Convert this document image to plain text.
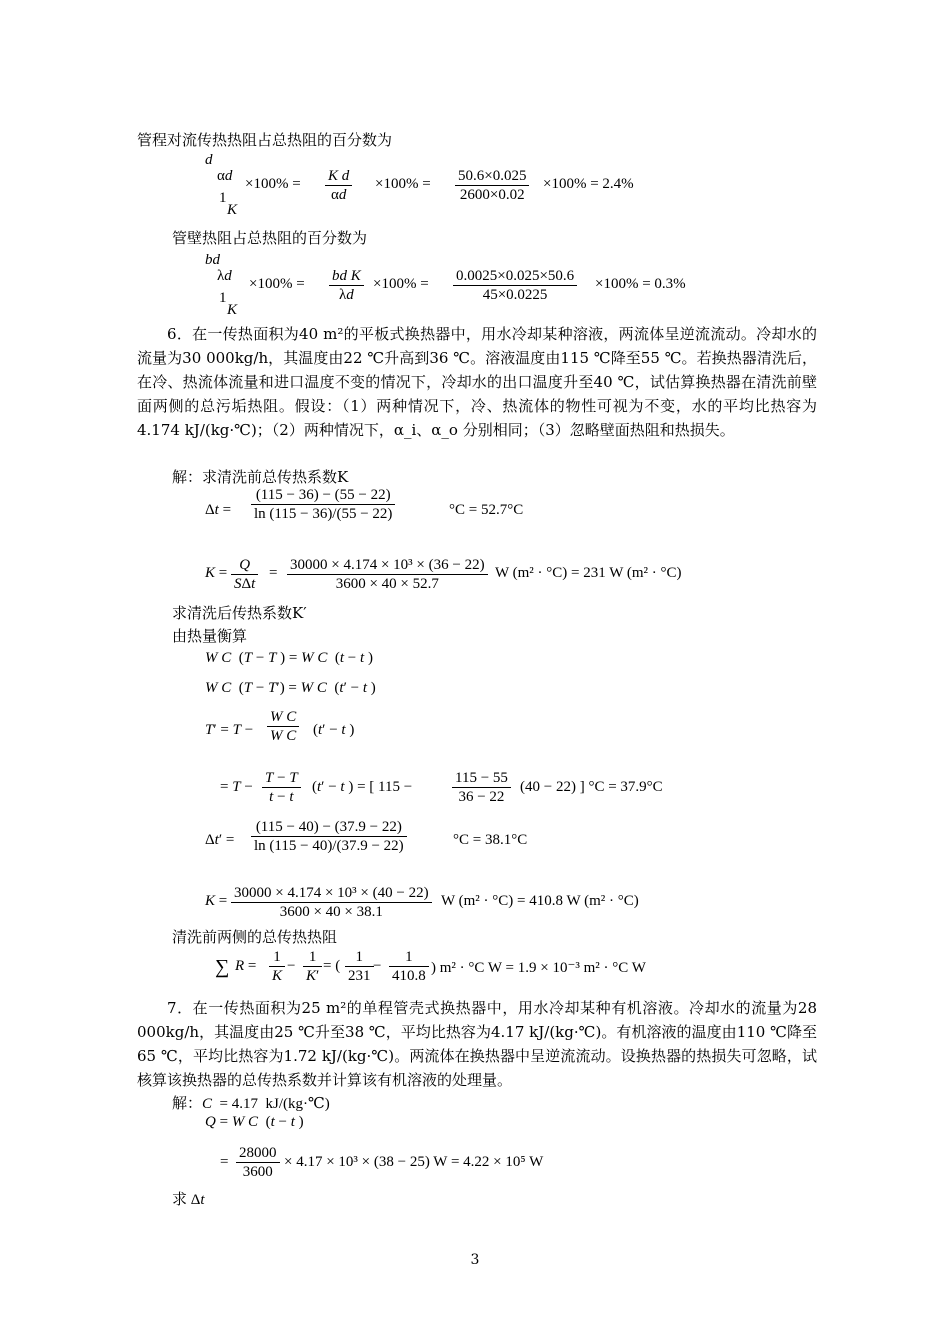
管程对流传热热阻占总热阻的百分数为
d
αd
1
K
$\times 100\% = \frac{\text{K d}}{\alpha d} \times 100\% = \frac{50.6\times 0.025}{2600\times 0.02} \times 100\% = 2.4\%$
管壁热阻占总热阻的百分数为
bd
λd
1
K
$\times 100\% = \frac{\text{bd K}}{\lambda d} \times 100\% = \frac{0.0025\times 0.025\times 50.6}{45\times 0.0225} \times 100\% = 0.3\%$
6．在一传热面积为40 m²的平板式换热器中，用水冷却某种溶液，两流体呈逆流流动。冷却水的流量为30 000kg/h，其温度由22 ℃升高到36 ℃。溶液温度由115 ℃降至55 ℃。若换热器清洗后，在冷、热流体流量和进口温度不变的情况下，冷却水的出口温度升至40 ℃，试估算换热器在清洗前壁面两侧的总污垢热阻。假设：（1）两种情况下，冷、热流体的物性可视为不变，水的平均比热容为4.174 kJ/(kg·℃)；（2）两种情况下，α_i、α_o 分别相同；（3）忽略壁面热阻和热损失。
解：求清洗前总传热系数K
$\Delta t = \frac{(115 - 36) - (55 - 22)}{\ln (115 - 36)/(55 - 22)}$	°C = 52.7°C
K = Q
SΔt
= $\frac{\text{30000 × 4.174 × 10³ × (36 − 22)}}{3600 \times 40 \times 52.7}$ W (m² · °C) = 231 W (m² · °C)
求清洗后传热系数K′
由热量衡算
W C  (T − T ) = W C  (t − t )
W C  (T − T′) = W C  (t′ − t )
$T' = T - \frac{\text{W C}}{\text{W C}} (t' - t$ )
= $T - \frac{T - T}{t - t} (t' - t$ ) = [ 115 −	$\frac{115 - 55}{36 - 22} (40 - 22)$ ] °C = 37.9°C
$\Delta t' = \frac{(115 - 40) - (37.9 - 22)}{\ln (115 - 40)/(37.9 - 22)}$	°C = 38.1°C
$K = \frac{\text{30000 × 4.174 × 10³ × (40 − 22)}}{3600 \times 40 \times 38.1}$ W (m² · °C) = 410.8 W (m² · °C)
清洗前两侧的总传热热阻
∑ $R = \frac{1}{K} - \frac{1}{K'}$ = ( $\frac{1}{231} - \frac{1}{410.8}$ ) m² · °C W = 1.9 × 10⁻³ m² · °C W
7．在一传热面积为25 m²的单程管壳式换热器中，用水冷却某种有机溶液。冷却水的流量为28 000kg/h，其温度由25 ℃升至38 ℃，平均比热容为4.17 kJ/(kg·℃)。有机溶液的温度由110 ℃降至65 ℃，平均比热容为1.72 kJ/(kg·℃)。两流体在换热器中呈逆流流动。设换热器的热损失可忽略，试核算该换热器的总传热系数并计算该有机溶液的处理量。
解：C  = 4.17  kJ/(kg·℃)
Q = W C  (t − t )
= $\frac{28000}{3600} \times 4.17 \times 10^3 \times (38 - 25) W = 4.22 \times 10^5$ W
求 Δt
3
